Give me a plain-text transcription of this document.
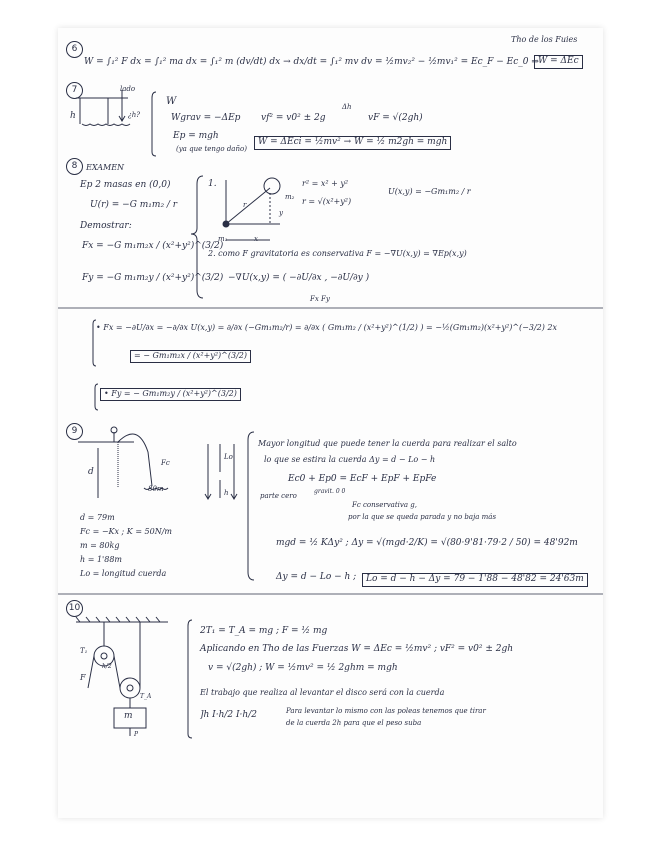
Tho de los Fuies
6
W = ∫₁² F dx = ∫₁² ma dx = ∫₁² m (dv/dt) dx → dx/dt = ∫₁² mv dv = ½mv₂² − ½mv₁² = Ec_F − Ec_0 ⇒ W = ΔEc
7	lado
h	¿h?
W
Wgrav = −ΔEp
Ep = mgh
(ya que tengo daño)
Δh
vf² = v0² ± 2g	vF = √(2gh)
W = ΔEci = ½mv² → W = ½ m2gh = mgh
8	EXAMEN
Ep 2 masas en (0,0)
U(r) = −G m₁m₂ / r
Demostrar:
Fx = −G m₁m₂x / (x²+y²)^(3/2)
Fy = −G m₁m₂y / (x²+y²)^(3/2)
1.
m₂
m₁
r
x
y
r² = x² + y²
r = √(x²+y²)
U(x,y) = −Gm₁m₂ / r
2. como F gravitatoria es conservativa F = −∇U(x,y) = ∇Ep(x,y)
−∇U(x,y) = ( −∂U/∂x , −∂U/∂y )
Fx Fy
• Fx = −∂U/∂x = −∂/∂x U(x,y) = ∂/∂x (−Gm₁m₂/r) = ∂/∂x ( Gm₁m₂ / (x²+y²)^(1/2) ) = −½(Gm₁m₂)(x²+y²)^(−3/2) 2x
= − Gm₁m₂x / (x²+y²)^(3/2)
• Fy = − Gm₁m₂y / (x²+y²)^(3/2)
9
d
Fc
80m
Lo
h
d = 79m
Fc = −Kx ; K = 50N/m
m = 80kg
h = 1'88m
Lo = longitud cuerda
Mayor longitud que puede tener la cuerda para realizar el salto
lo que se estira la cuerda Δy = d − Lo − h
Ec0 + Ep0 = EcF + EpF + EpFe
gravit. 0 0
parte cero
Fc conservativa g,
por la que se queda parada y no baja más
mgd = ½ KΔy² ; Δy = √(mgd·2/K) = √(80·9'81·79·2 / 50) = 48'92m
Δy = d − Lo − h ;	Lo = d − h − Δy = 79 − 1'88 − 48'82 = 24'63m
10
T₁
F
h/2
T_A
m
P
2T₁ = T_A = mg ; F = ½ mg
Aplicando en Tho de las Fuerzas W = ΔEc = ½mv² ; vF² = v0² ± 2gh
v = √(2gh) ; W = ½mv² = ½ 2ghm = mgh
El trabajo que realiza al levantar el disco será con la cuerda
Para levantar lo mismo con las poleas tenemos que tirar
de la cuerda 2h para que el peso suba
]h I·h/2 I·h/2
